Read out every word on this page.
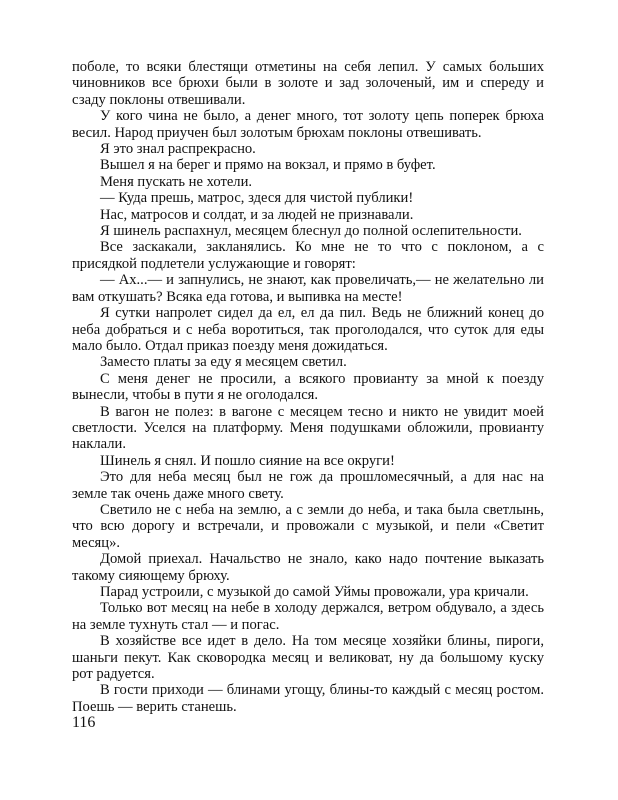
поболе, то всяки блестящи отметины на себя лепил. У самых больших чиновников все брюхи были в золоте и зад золоченый, им и спереду и сзаду поклоны отвешивали.

У кого чина не было, а денег много, тот золоту цепь поперек брюха весил. Народ приучен был золотым брюхам поклоны отвешивать.

Я это знал распрекрасно.

Вышел я на берег и прямо на вокзал, и прямо в буфет.

Меня пускать не хотели.

— Куда прешь, матрос, здеся для чистой публики!

Нас, матросов и солдат, и за людей не признавали.

Я шинель распахнул, месяцем блеснул до полной ослепительности.

Все заскакали, закланялись. Ко мне не то что с поклоном, а с присядкой подлетели услужающие и говорят:

— Ах...— и запнулись, не знают, как провеличать,— не желательно ли вам откушать? Всяка еда готова, и выпивка на месте!

Я сутки напролет сидел да ел, ел да пил. Ведь не ближний конец до неба добраться и с неба воротиться, так проголодался, что суток для еды мало было. Отдал приказ поезду меня дожидаться.

Заместо платы за еду я месяцем светил.

С меня денег не просили, а всякого провианту за мной к поезду вынесли, чтобы в пути я не оголодался.

В вагон не полез: в вагоне с месяцем тесно и никто не увидит моей светлости. Уселся на платформу. Меня подушками обложили, провианту наклали.

Шинель я снял. И пошло сияние на все округи!

Это для неба месяц был не гож да прошломесячный, а для нас на земле так очень даже много свету.

Светило не с неба на землю, а с земли до неба, и така была светлынь, что всю дорогу и встречали, и провожали с музыкой, и пели «Светит месяц».

Домой приехал. Начальство не знало, како надо почтение выказать такому сияющему брюху.

Парад устроили, с музыкой до самой Уймы провожали, ура кричали.

Только вот месяц на небе в холоду держался, ветром обдувало, а здесь на земле тухнуть стал — и погас.

В хозяйстве все идет в дело. На том месяце хозяйки блины, пироги, шаньги пекут. Как сковородка месяц и великоват, ну да большому куску рот радуется.

В гости приходи — блинами угощу, блины-то каждый с месяц ростом. Поешь — верить станешь.

116
